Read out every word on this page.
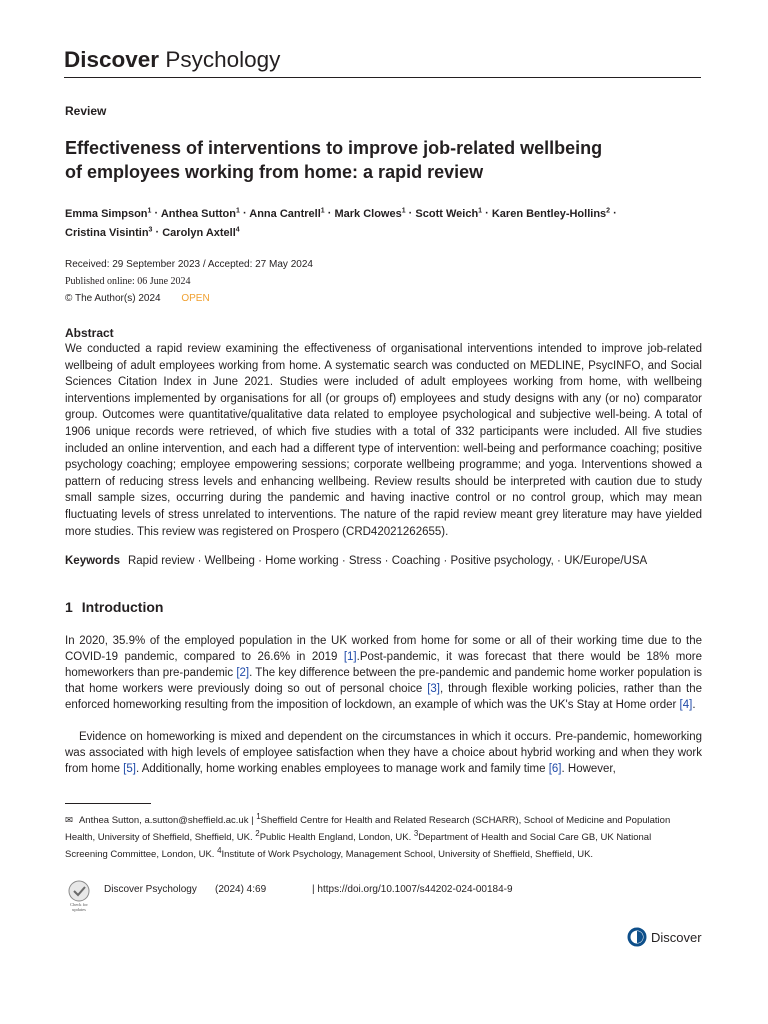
Discover Psychology
Review
Effectiveness of interventions to improve job-related wellbeing
of employees working from home: a rapid review
Emma Simpson$^1$ · Anthea Sutton$^1$ · Anna Cantrell$^1$ · Mark Clowes$^1$ · Scott Weich$^1$ · Karen Bentley-Hollins$^2$ ·
Cristina Visintin$^3$ · Carolyn Axtell$^4$
Received: 29 September 2023 / Accepted: 27 May 2024
Published online: 06 June 2024
© The Author(s) 2024 OPEN
Abstract
We conducted a rapid review examining the effectiveness of organisational interventions intended to improve job-related wellbeing of adult employees working from home. A systematic search was conducted on MEDLINE, PsycINFO, and Social Sciences Citation Index in June 2021. Studies were included of adult employees working from home, with wellbeing interventions implemented by organisations for all (or groups of) employees and study designs with any (or no) comparator group. Outcomes were quantitative/qualitative data related to employee psychological and subjective well-being. A total of 1906 unique records were retrieved, of which five studies with a total of 332 participants were included. All five studies included an online intervention, and each had a different type of intervention: well-being and performance coaching; positive psychology coaching; employee empowering sessions; corporate wellbeing programme; and yoga. Interventions showed a pattern of reducing stress levels and enhancing wellbeing. Review results should be interpreted with caution due to study small sample sizes, occurring during the pandemic and having inactive control or no control group, which may mean fluctuating levels of stress unrelated to interventions. The nature of the rapid review meant grey literature may have yielded more studies. This review was registered on Prospero (CRD42021262655).
Keywords Rapid review · Wellbeing · Home working · Stress · Coaching · Positive psychology, · UK/Europe/USA
1 Introduction
In 2020, 35.9% of the employed population in the UK worked from home for some or all of their working time due to the COVID-19 pandemic, compared to 26.6% in 2019 [1].Post-pandemic, it was forecast that there would be 18% more homeworkers than pre-pandemic [2]. The key difference between the pre-pandemic and pandemic home worker population is that home workers were previously doing so out of personal choice [3], through flexible working policies, rather than the enforced homeworking resulting from the imposition of lockdown, an example of which was the UK's Stay at Home order [4].
Evidence on homeworking is mixed and dependent on the circumstances in which it occurs. Pre-pandemic, homeworking was associated with high levels of employee satisfaction when they have a choice about hybrid working and when they work from home [5]. Additionally, home working enables employees to manage work and family time [6]. However,
✉ Anthea Sutton, a.sutton@sheffield.ac.uk | $^1$Sheffield Centre for Health and Related Research (SCHARR), School of Medicine and Population Health, University of Sheffield, Sheffield, UK. $^2$Public Health England, London, UK. $^3$Department of Health and Social Care GB, UK National Screening Committee, London, UK. $^4$Institute of Work Psychology, Management School, University of Sheffield, Sheffield, UK.
Check for updates
Discover Psychology (2024) 4:69	| https://doi.org/10.1007/s44202-024-00184-9
Discover
